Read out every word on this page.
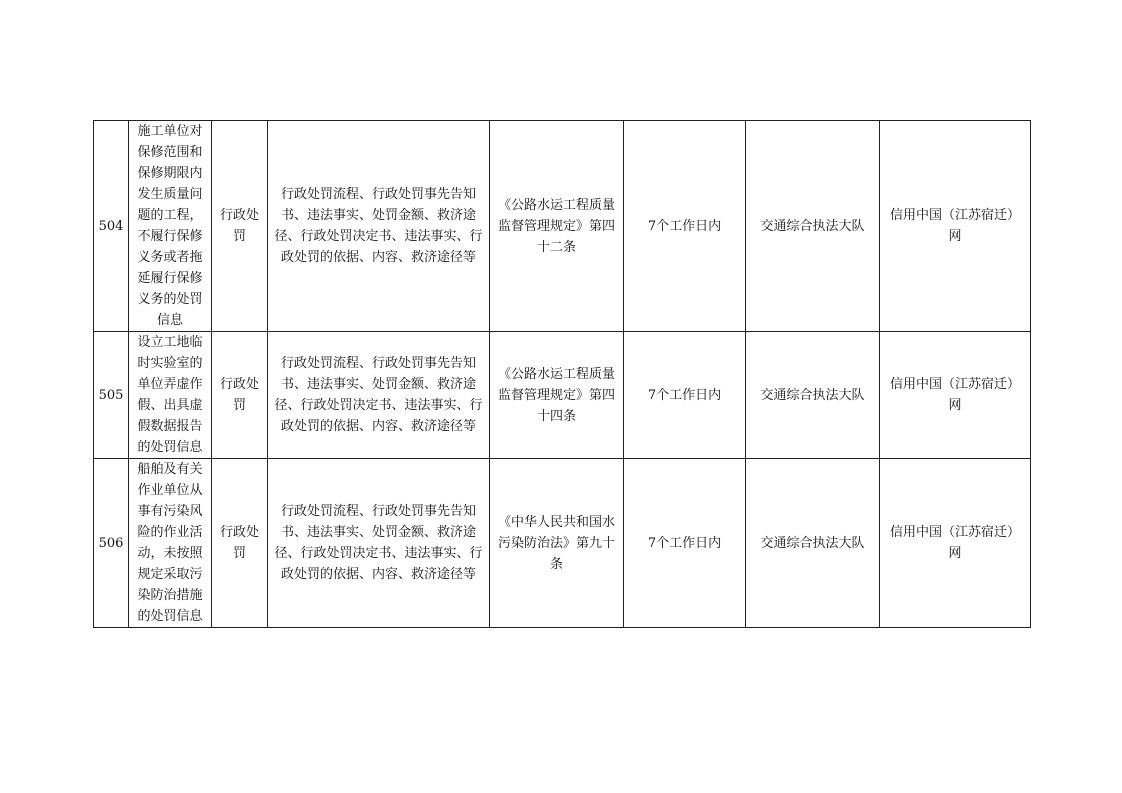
504	施工单位对保修范围和保修期限内发生质量问题的工程，不履行保修义务或者拖延履行保修义务的处罚信息	行政处罚	行政处罚流程、行政处罚事先告知书、违法事实、处罚金额、救济途径、行政处罚决定书、违法事实、行政处罚的依据、内容、救济途径等	《公路水运工程质量监督管理规定》第四十二条	7个工作日内	交通综合执法大队	信用中国（江苏宿迁）网
505	设立工地临时实验室的单位弄虚作假、出具虚假数据报告的处罚信息	行政处罚	行政处罚流程、行政处罚事先告知书、违法事实、处罚金额、救济途径、行政处罚决定书、违法事实、行政处罚的依据、内容、救济途径等	《公路水运工程质量监督管理规定》第四十四条	7个工作日内	交通综合执法大队	信用中国（江苏宿迁）网
506	船舶及有关作业单位从事有污染风险的作业活动，未按照规定采取污染防治措施的处罚信息	行政处罚	行政处罚流程、行政处罚事先告知书、违法事实、处罚金额、救济途径、行政处罚决定书、违法事实、行政处罚的依据、内容、救济途径等	《中华人民共和国水污染防治法》第九十条	7个工作日内	交通综合执法大队	信用中国（江苏宿迁）网
